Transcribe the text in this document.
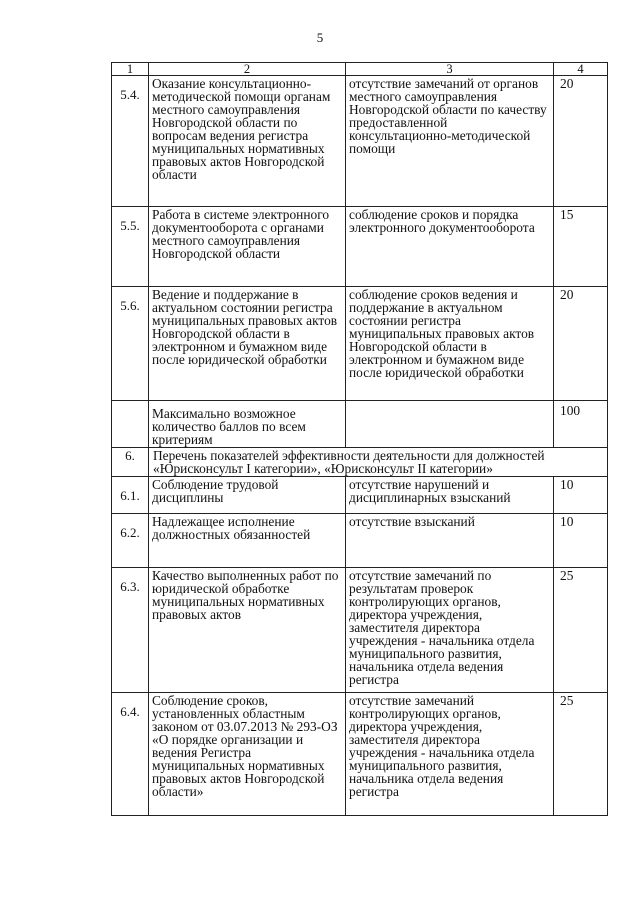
5
1	2	3	4
5.4.	Оказание консультационно-методической помощи органам местного самоуправления Новгородской области по вопросам ведения регистра муниципальных нормативных правовых актов Новгородской области	отсутствие замечаний от органов местного самоуправления Новгородской области по качеству предоставленной консультационно-методической помощи	20
5.5.	Работа в системе электронного документооборота с органами местного самоуправления Новгородской области	соблюдение сроков и порядка электронного документооборота	15
5.6.	Ведение и поддержание в актуальном состоянии регистра муниципальных правовых актов Новгородской области в электронном и бумажном виде после юридической обработки	соблюдение сроков ведения и поддержание в актуальном состоянии регистра муниципальных правовых актов Новгородской области в электронном и бумажном виде после юридической обработки	20
	Максимально возможное количество баллов по всем критериям		100
6.	Перечень показателей эффективности деятельности для должностей «Юрисконсульт I категории», «Юрисконсульт II категории»		
6.1.	Соблюдение трудовой дисциплины	отсутствие нарушений и дисциплинарных взысканий	10
6.2.	Надлежащее исполнение должностных обязанностей	отсутствие взысканий	10
6.3.	Качество выполненных работ по юридической обработке муниципальных нормативных правовых актов	отсутствие замечаний по результатам проверок контролирующих органов, директора учреждения, заместителя директора учреждения - начальника отдела муниципального развития, начальника отдела ведения регистра	25
6.4.	Соблюдение сроков, установленных областным законом от 03.07.2013 № 293-ОЗ «О порядке организации и ведения Регистра муниципальных нормативных правовых актов Новгородской области»	отсутствие замечаний контролирующих органов, директора учреждения, заместителя директора учреждения - начальника отдела муниципального развития, начальника отдела ведения регистра	25
